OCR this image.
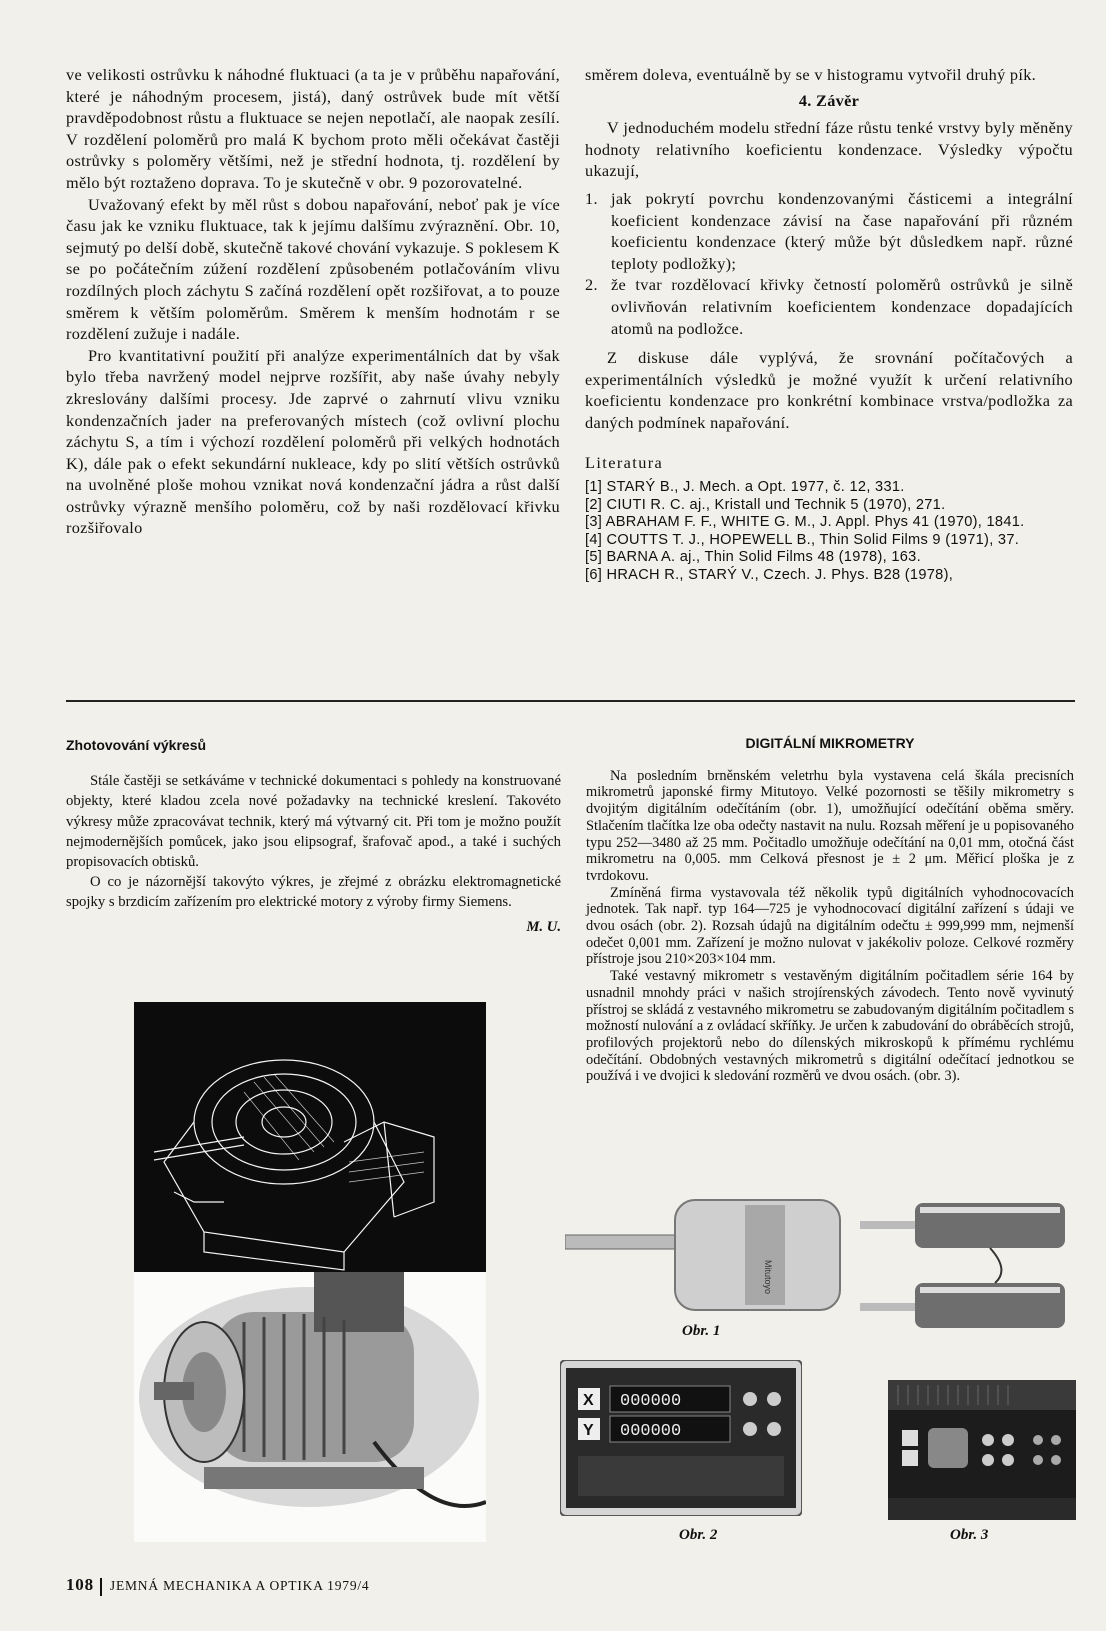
ve velikosti ostrůvku k náhodné fluktuaci (a ta je v průběhu napařování, které je náhodným procesem, jistá), daný ostrůvek bude mít větší pravděpodobnost růstu a fluktuace se nejen nepotlačí, ale naopak zesílí. V rozdělení poloměrů pro malá K bychom proto měli očekávat častěji ostrůvky s poloměry většími, než je střední hodnota, tj. rozdělení by mělo být roztaženo doprava. To je skutečně v obr. 9 pozorovatelné.

Uvažovaný efekt by měl růst s dobou napařování, neboť pak je více času jak ke vzniku fluktuace, tak k jejímu dalšímu zvýraznění. Obr. 10, sejmutý po delší době, skutečně takové chování vykazuje. S poklesem K se po počátečním zúžení rozdělení způsobeném potlačováním vlivu rozdílných ploch záchytu S začíná rozdělení opět rozšiřovat, a to pouze směrem k větším poloměrům. Směrem k menším hodnotám r se rozdělení zužuje i nadále.

Pro kvantitativní použití při analýze experimentálních dat by však bylo třeba navržený model nejprve rozšířit, aby naše úvahy nebyly zkreslovány dalšími procesy. Jde zaprvé o zahrnutí vlivu vzniku kondenzačních jader na preferovaných místech (což ovlivní plochu záchytu S, a tím i výchozí rozdělení poloměrů při velkých hodnotách K), dále pak o efekt sekundární nukleace, kdy po slití větších ostrůvků na uvolněné ploše mohou vznikat nová kondenzační jádra a růst další ostrůvky výrazně menšího poloměru, což by naši rozdělovací křivku rozšiřovalo

směrem doleva, eventuálně by se v histogramu vytvořil druhý pík.

4. Závěr

V jednoduchém modelu střední fáze růstu tenké vrstvy byly měněny hodnoty relativního koeficientu kondenzace. Výsledky výpočtu ukazují,

1. jak pokrytí povrchu kondenzovanými částicemi a integrální koeficient kondenzace závisí na čase napařování při různém koeficientu kondenzace (který může být důsledkem např. různé teploty podložky);
2. že tvar rozdělovací křivky četností poloměrů ostrůvků je silně ovlivňován relativním koeficientem kondenzace dopadajících atomů na podložce.

Z diskuse dále vyplývá, že srovnání počítačových a experimentálních výsledků je možné využít k určení relativního koeficientu kondenzace pro konkrétní kombinace vrstva/podložka za daných podmínek napařování.

Literatura

[1] STARÝ B., J. Mech. a Opt. 1977, č. 12, 331.
[2] CIUTI R. C. aj., Kristall und Technik 5 (1970), 271.
[3] ABRAHAM F. F., WHITE G. M., J. Appl. Phys 41 (1970), 1841.
[4] COUTTS T. J., HOPEWELL B., Thin Solid Films 9 (1971), 37.
[5] BARNA A. aj., Thin Solid Films 48 (1978), 163.
[6] HRACH R., STARÝ V., Czech. J. Phys. B28 (1978),

Zhotovování výkresů

Stále častěji se setkáváme v technické dokumentaci s pohledy na konstruované objekty, které kladou zcela nové požadavky na technické kreslení. Takovéto výkresy může zpracovávat technik, který má výtvarný cit. Při tom je možno použít nejmodernějších pomůcek, jako jsou elipsograf, šrafovač apod., a také i suchých propisovacích obtisků.

O co je názornější takovýto výkres, je zřejmé z obrázku elektromagnetické spojky s brzdicím zařízením pro elektrické motory z výroby firmy Siemens.

M. U.

DIGITÁLNÍ MIKROMETRY

Na posledním brněnském veletrhu byla vystavena celá škála precisních mikrometrů japonské firmy Mitutoyo. Velké pozornosti se těšily mikrometry s dvojitým digitálním odečítáním (obr. 1), umožňující odečítání oběma směry. Stlačením tlačítka lze oba odečty nastavit na nulu. Rozsah měření je u popisovaného typu 252—3480 až 25 mm. Počitadlo umožňuje odečítání na 0,01 mm, otočná část mikrometru na 0,005. mm Celková přesnost je ± 2 μm. Měřicí ploška je z tvrdokovu.

Zmíněná firma vystavovala též několik typů digitálních vyhodnocovacích jednotek. Tak např. typ 164—725 je vyhodnocovací digitální zařízení s údaji ve dvou osách (obr. 2). Rozsah údajů na digitálním odečtu ± 999,999 mm, nejmenší odečet 0,001 mm. Zařízení je možno nulovat v jakékoliv poloze. Celkové rozměry přístroje jsou 210×203×104 mm.

Také vestavný mikrometr s vestavěným digitálním počitadlem série 164 by usnadnil mnohdy práci v našich strojírenských závodech. Tento nově vyvinutý přístroj se skládá z vestavného mikrometru se zabudovaným digitálním počitadlem s možností nulování a z ovládací skříňky. Je určen k zabudování do obráběcích strojů, profilových projektorů nebo do dílenských mikroskopů k přímému rychlému odečítání. Obdobných vestavných mikrometrů s digitální odečítací jednotkou se používá i ve dvojici k sledování rozměrů ve dvou osách. (obr. 3).

Mitutoyo
Obr. 1
X
Y
000000
000000
Obr. 2	Obr. 3
108 JEMNÁ MECHANIKA A OPTIKA 1979/4
